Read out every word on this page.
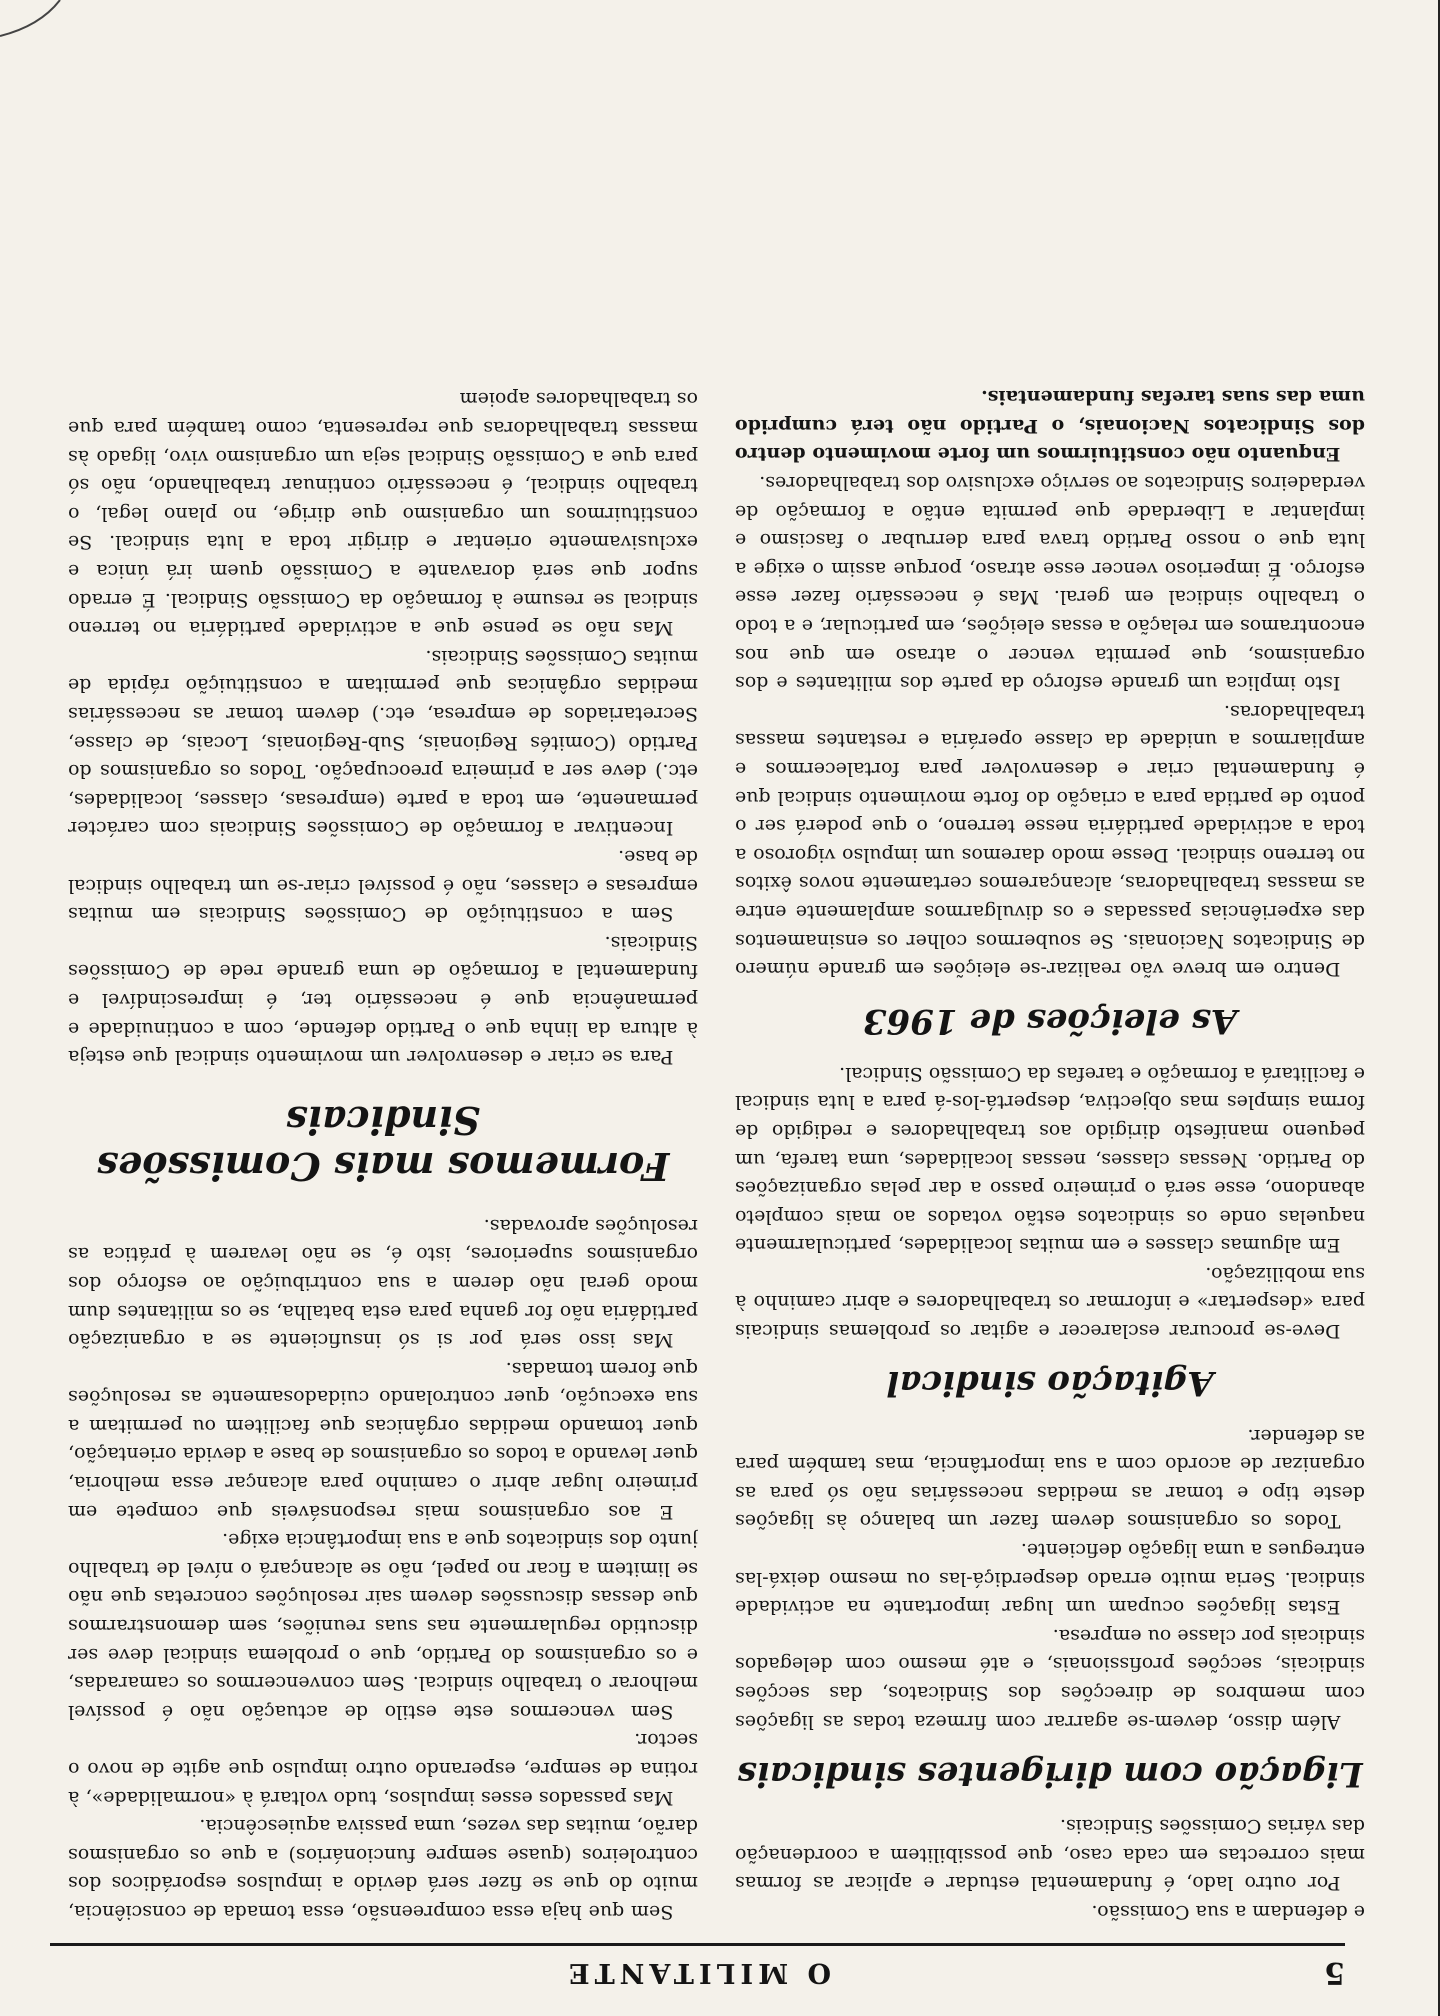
5
O MILITANTE

e defendam a sua Comissão.

Por outro lado, é fundamental estudar e aplicar as formas mais correctas em cada caso, que possibilitem a coordenação das várias Comissões Sindicais.

Ligação com dirigentes sindicais

Além disso, devem-se agarrar com firmeza todas as ligações com membros de direcções dos Sindicatos, das secções sindicais, secções profissionais, e até mesmo com delegados sindicais por classe ou empresa.

Estas ligações ocupam um lugar importante na actividade sindical. Seria muito errado desperdiçá-las ou mesmo deixá-las entregues a uma ligação deficiente.

Todos os organismos devem fazer um balanço às ligações deste tipo e tomar as medidas necessárias não só para as organizar de acordo com a sua importância, mas também para as defender.

Agitação sindical

Deve-se procurar esclarecer e agitar os problemas sindicais para «despertar» e informar os trabalhadores e abrir caminho à sua mobilização.

Em algumas classes e em muitas localidades, particularmente naquelas onde os sindicatos estão votados ao mais completo abandono, esse será o primeiro passo a dar pelas organizações do Partido. Nessas classes, nessas localidades, uma tarefa, um pequeno manifesto dirigido aos trabalhadores e redigido de forma simples mas objectiva, despertá-los-á para a luta sindical e facilitará a formação e tarefas da Comissão Sindical.

As eleições de 1963

Dentro em breve vão realizar-se eleições em grande número de Sindicatos Nacionais. Se soubermos colher os ensinamentos das experiências passadas e os divulgarmos amplamente entre as massas trabalhadoras, alcançaremos certamente novos êxitos no terreno sindical. Desse modo daremos um impulso vigoroso a toda a actividade partidária nesse terreno, o que poderá ser o ponto de partida para a criação do forte movimento sindical que é fundamental criar e desenvolver para fortalecermos e ampliarmos a unidade da classe operária e restantes massas trabalhadoras.

Isto implica um grande esforço da parte dos militantes e dos organismos, que permita vencer o atraso em que nos encontramos em relação a essas eleições, em particular, e a todo o trabalho sindical em geral. Mas é necessário fazer esse esforço. É imperioso vencer esse atraso, porque assim o exige a luta que o nosso Partido trava para derrubar o fascismo e implantar a Liberdade que permita então a formação de verdadeiros Sindicatos ao serviço exclusivo dos trabalhadores.

Enquanto não constituirmos um forte movimento dentro dos Sindicatos Nacionais, o Partido não terá cumprido uma das suas tarefas fundamentais.

Sem que haja essa compreensão, essa tomada de consciência, muito do que se fizer será devido a impulsos esporádicos dos controleiros (quase sempre funcionários) a que os organismos darão, muitas das vezes, uma passiva aquiescência.

Mas passados esses impulsos, tudo voltará à «normalidade», à rotina de sempre, esperando outro impulso que agite de novo o sector.

Sem vencermos este estilo de actuação não é possível melhorar o trabalho sindical. Sem convencermos os camaradas, e os organismos do Partido, que o problema sindical deve ser discutido regularmente nas suas reuniões, sem demonstrarmos que dessas discussões devem sair resoluções concretas que não se limitem a ficar no papel, não se alcançará o nível de trabalho junto dos sindicatos que a sua importância exige.

E aos organismos mais responsáveis que compete em primeiro lugar abrir o caminho para alcançar essa melhoria, quer levando a todos os organismos de base a devida orientação, quer tomando medidas orgânicas que facilitem ou permitam a sua execução, quer controlando cuidadosamente as resoluções que forem tomadas.

Mas isso será por si só insuficiente se a organização partidária não for ganha para esta batalha, se os militantes dum modo geral não derem a sua contribuição ao esforço dos organismos superiores, isto é, se não levarem à prática as resoluções aprovadas.

Formemos mais Comissões Sindicais

Para se criar e desenvolver um movimento sindical que esteja à altura da linha que o Partido defende, com a continuidade e permanência que é necessário ter, é imprescindível e fundamental a formação de uma grande rede de Comissões Sindicais.

Sem a constituição de Comissões Sindicais em muitas empresas e classes, não é possível criar-se um trabalho sindical de base.

Incentivar a formação de Comissões Sindicais com carácter permanente, em toda a parte (empresas, classes, localidades, etc.) deve ser a primeira preocupação. Todos os organismos do Partido (Comités Regionais, Sub-Regionais, Locais, de classe, Secretariados de empresa, etc.) devem tomar as necessárias medidas orgânicas que permitam a constituição rápida de muitas Comissões Sindicais.

Mas não se pense que a actividade partidária no terreno sindical se resume à formação da Comissão Sindical. É errado supor que será doravante a Comissão quem irá única e exclusivamente orientar e dirigir toda a luta sindical. Se constituirmos um organismo que dirige, no plano legal, o trabalho sindical, é necessário continuar trabalhando, não só para que a Comissão Sindical seja um organismo vivo, ligado às massas trabalhadoras que representa, como também para que os trabalhadores apoiem
